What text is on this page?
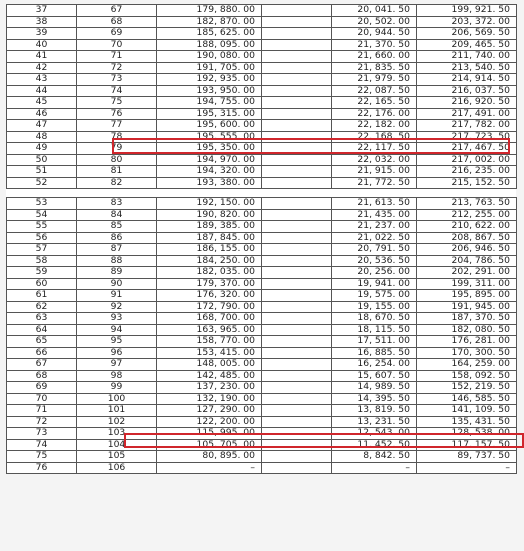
37	67	179, 880. 00		20, 041. 50	199, 921. 50
38	68	182, 870. 00		20, 502. 00	203, 372. 00
39	69	185, 625. 00		20, 944. 50	206, 569. 50
40	70	188, 095. 00		21, 370. 50	209, 465. 50
41	71	190, 080. 00		21, 660. 00	211, 740. 00
42	72	191, 705. 00		21, 835. 50	213, 540. 50
43	73	192, 935. 00		21, 979. 50	214, 914. 50
44	74	193, 950. 00		22, 087. 50	216, 037. 50
45	75	194, 755. 00		22, 165. 50	216, 920. 50
46	76	195, 315. 00		22, 176. 00	217, 491. 00
47	77	195, 600. 00		22, 182. 00	217, 782. 00
48	78	195, 555. 00		22, 168. 50	217, 723. 50
49	79	195, 350. 00		22, 117. 50	217, 467. 50
50	80	194, 970. 00		22, 032. 00	217, 002. 00
51	81	194, 320. 00		21, 915. 00	216, 235. 00
52	82	193, 380. 00		21, 772. 50	215, 152. 50
53	83	192, 150. 00		21, 613. 50	213, 763. 50
54	84	190, 820. 00		21, 435. 00	212, 255. 00
55	85	189, 385. 00		21, 237. 00	210, 622. 00
56	86	187, 845. 00		21, 022. 50	208, 867. 50
57	87	186, 155. 00		20, 791. 50	206, 946. 50
58	88	184, 250. 00		20, 536. 50	204, 786. 50
59	89	182, 035. 00		20, 256. 00	202, 291. 00
60	90	179, 370. 00		19, 941. 00	199, 311. 00
61	91	176, 320. 00		19, 575. 00	195, 895. 00
62	92	172, 790. 00		19, 155. 00	191, 945. 00
63	93	168, 700. 00		18, 670. 50	187, 370. 50
64	94	163, 965. 00		18, 115. 50	182, 080. 50
65	95	158, 770. 00		17, 511. 00	176, 281. 00
66	96	153, 415. 00		16, 885. 50	170, 300. 50
67	97	148, 005. 00		16, 254. 00	164, 259. 00
68	98	142, 485. 00		15, 607. 50	158, 092. 50
69	99	137, 230. 00		14, 989. 50	152, 219. 50
70	100	132, 190. 00		14, 395. 50	146, 585. 50
71	101	127, 290. 00		13, 819. 50	141, 109. 50
72	102	122, 200. 00		13, 231. 50	135, 431. 50
73	103	115, 995. 00		12, 543. 00	128, 538. 00
74	104	105, 705. 00		11, 452. 50	117, 157. 50
75	105	80, 895. 00		8, 842. 50	89, 737. 50
76	106	–		–	–
